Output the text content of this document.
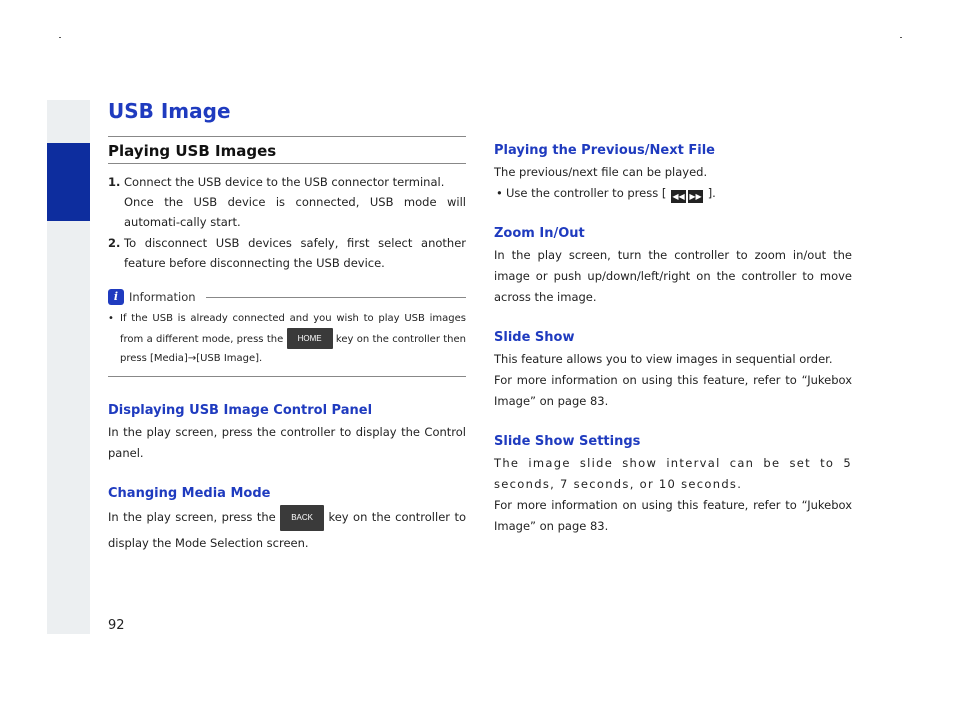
USB Image
Playing USB Images
1. Connect the USB device to the USB connector terminal.
Once the USB device is connected, USB mode will automati-cally start.
2. To disconnect USB devices safely, first select another feature before disconnecting the USB device.
i Information
• If the USB is already connected and you wish to play USB images from a different mode, press the HOME key on the controller then press [Media]→[USB Image].
Displaying USB Image Control Panel

In the play screen, press the controller to display the Control panel.

Changing Media Mode

In the play screen, press the BACK key on the controller to display the Mode Selection screen.

Playing the Previous/Next File

The previous/next file can be played.

• Use the controller to press [ ◀◀ ▶▶ ].
Zoom In/Out

In the play screen, turn the controller to zoom in/out the image or push up/down/left/right on the controller to move across the image.

Slide Show

This feature allows you to view images in sequential order.

For more information on using this feature, refer to “Jukebox Image” on page 83.

Slide Show Settings

The image slide show interval can be set to 5 seconds, 7 seconds, or 10 seconds.

For more information on using this feature, refer to “Jukebox Image” on page 83.

92
